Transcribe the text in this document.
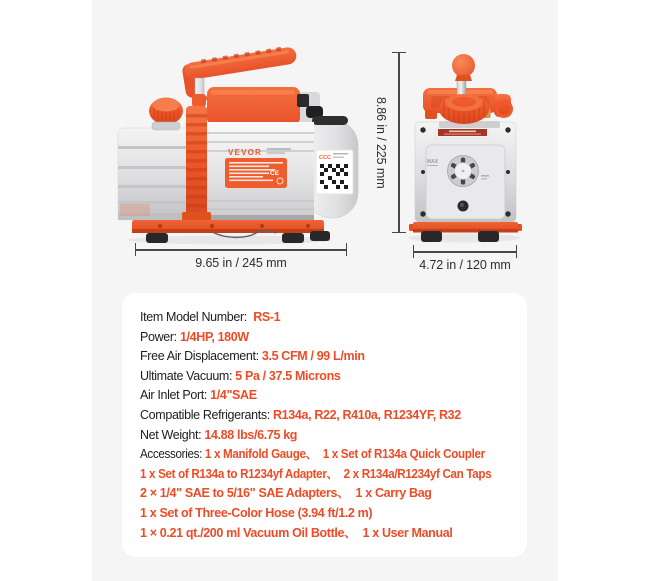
CCC
VEVOR
CE
MAX
9.65 in / 245 mm
8.86 in / 225 mm
4.72 in / 120 mm
Item Model Number:  RS-1
Power: 1/4HP, 180W
Free Air Displacement: 3.5 CFM / 99 L/min
Ultimate Vacuum: 5 Pa / 37.5 Microns
Air Inlet Port: 1/4"SAE
Compatible Refrigerants: R134a, R22, R410a, R1234YF, R32
Net Weight: 14.88 lbs/6.75 kg
Accessories: 1 x Manifold Gauge、  1 x Set of R134a Quick Coupler
1 x Set of R134a to R1234yf Adapter、  2 x R134a/R1234yf Can Taps
2 × 1/4" SAE to 5/16" SAE Adapters、  1 x Carry Bag
1 x Set of Three-Color Hose (3.94 ft/1.2 m)
1 × 0.21 qt./200 ml Vacuum Oil Bottle、  1 x User Manual
